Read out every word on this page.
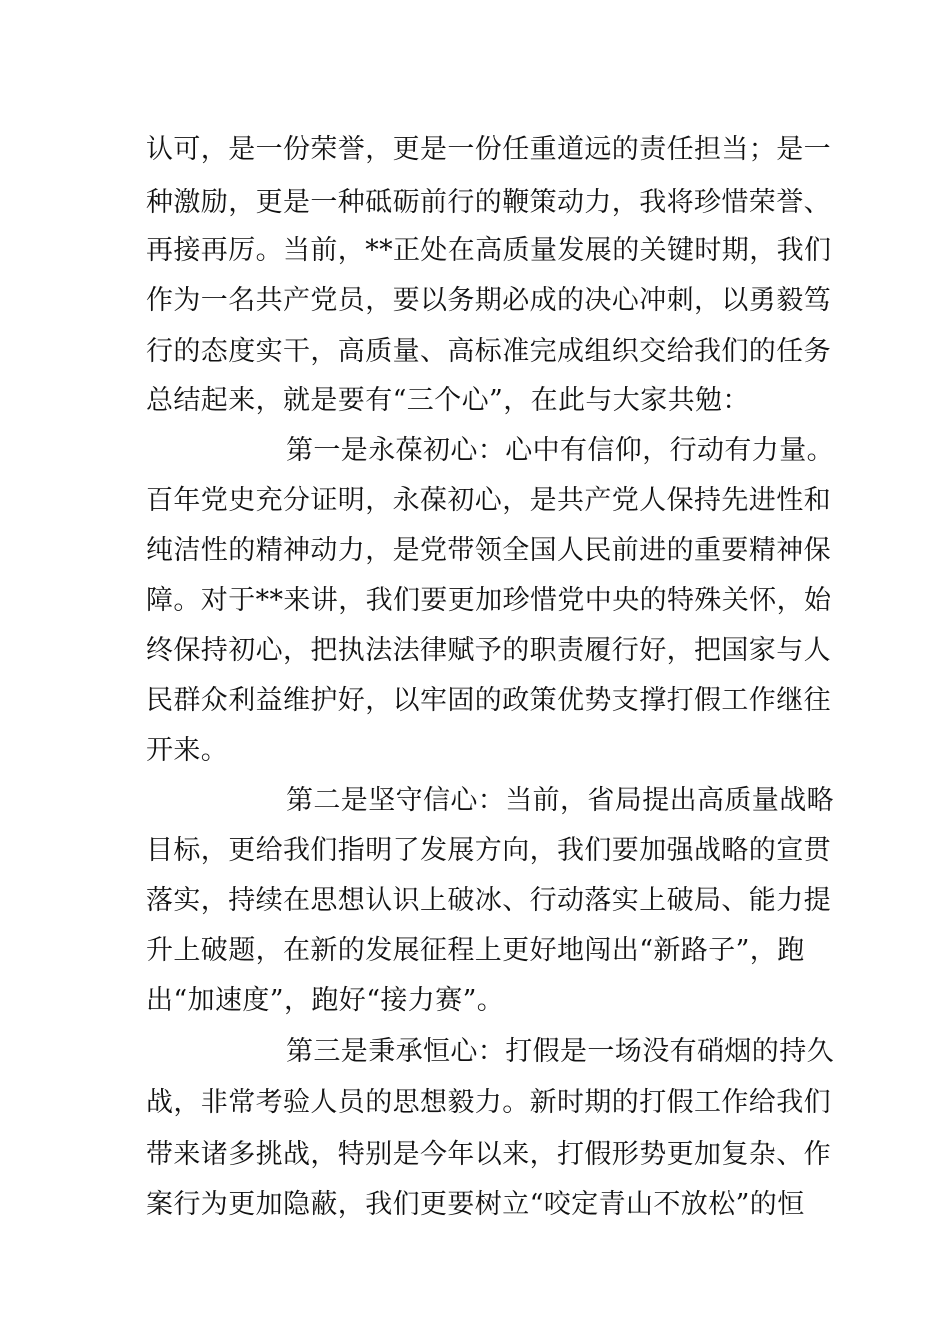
认可，是一份荣誉，更是一份任重道远的责任担当；是一
种激励，更是一种砥砺前行的鞭策动力，我将珍惜荣誉、
再接再厉。当前，**正处在高质量发展的关键时期，我们
作为一名共产党员，要以务期必成的决心冲刺，以勇毅笃
行的态度实干，高质量、高标准完成组织交给我们的任务
总结起来，就是要有“三个心”，在此与大家共勉：
第一是永葆初心：心中有信仰，行动有力量。
百年党史充分证明，永葆初心，是共产党人保持先进性和
纯洁性的精神动力，是党带领全国人民前进的重要精神保
障。对于**来讲，我们要更加珍惜党中央的特殊关怀，始
终保持初心，把执法法律赋予的职责履行好，把国家与人
民群众利益维护好，以牢固的政策优势支撑打假工作继往
开来。
第二是坚守信心：当前，省局提出高质量战略
目标，更给我们指明了发展方向，我们要加强战略的宣贯
落实，持续在思想认识上破冰、行动落实上破局、能力提
升上破题，在新的发展征程上更好地闯出“新路子”，跑
出“加速度”，跑好“接力赛”。
第三是秉承恒心：打假是一场没有硝烟的持久
战，非常考验人员的思想毅力。新时期的打假工作给我们
带来诸多挑战，特别是今年以来，打假形势更加复杂、作
案行为更加隐蔽，我们更要树立“咬定青山不放松”的恒
